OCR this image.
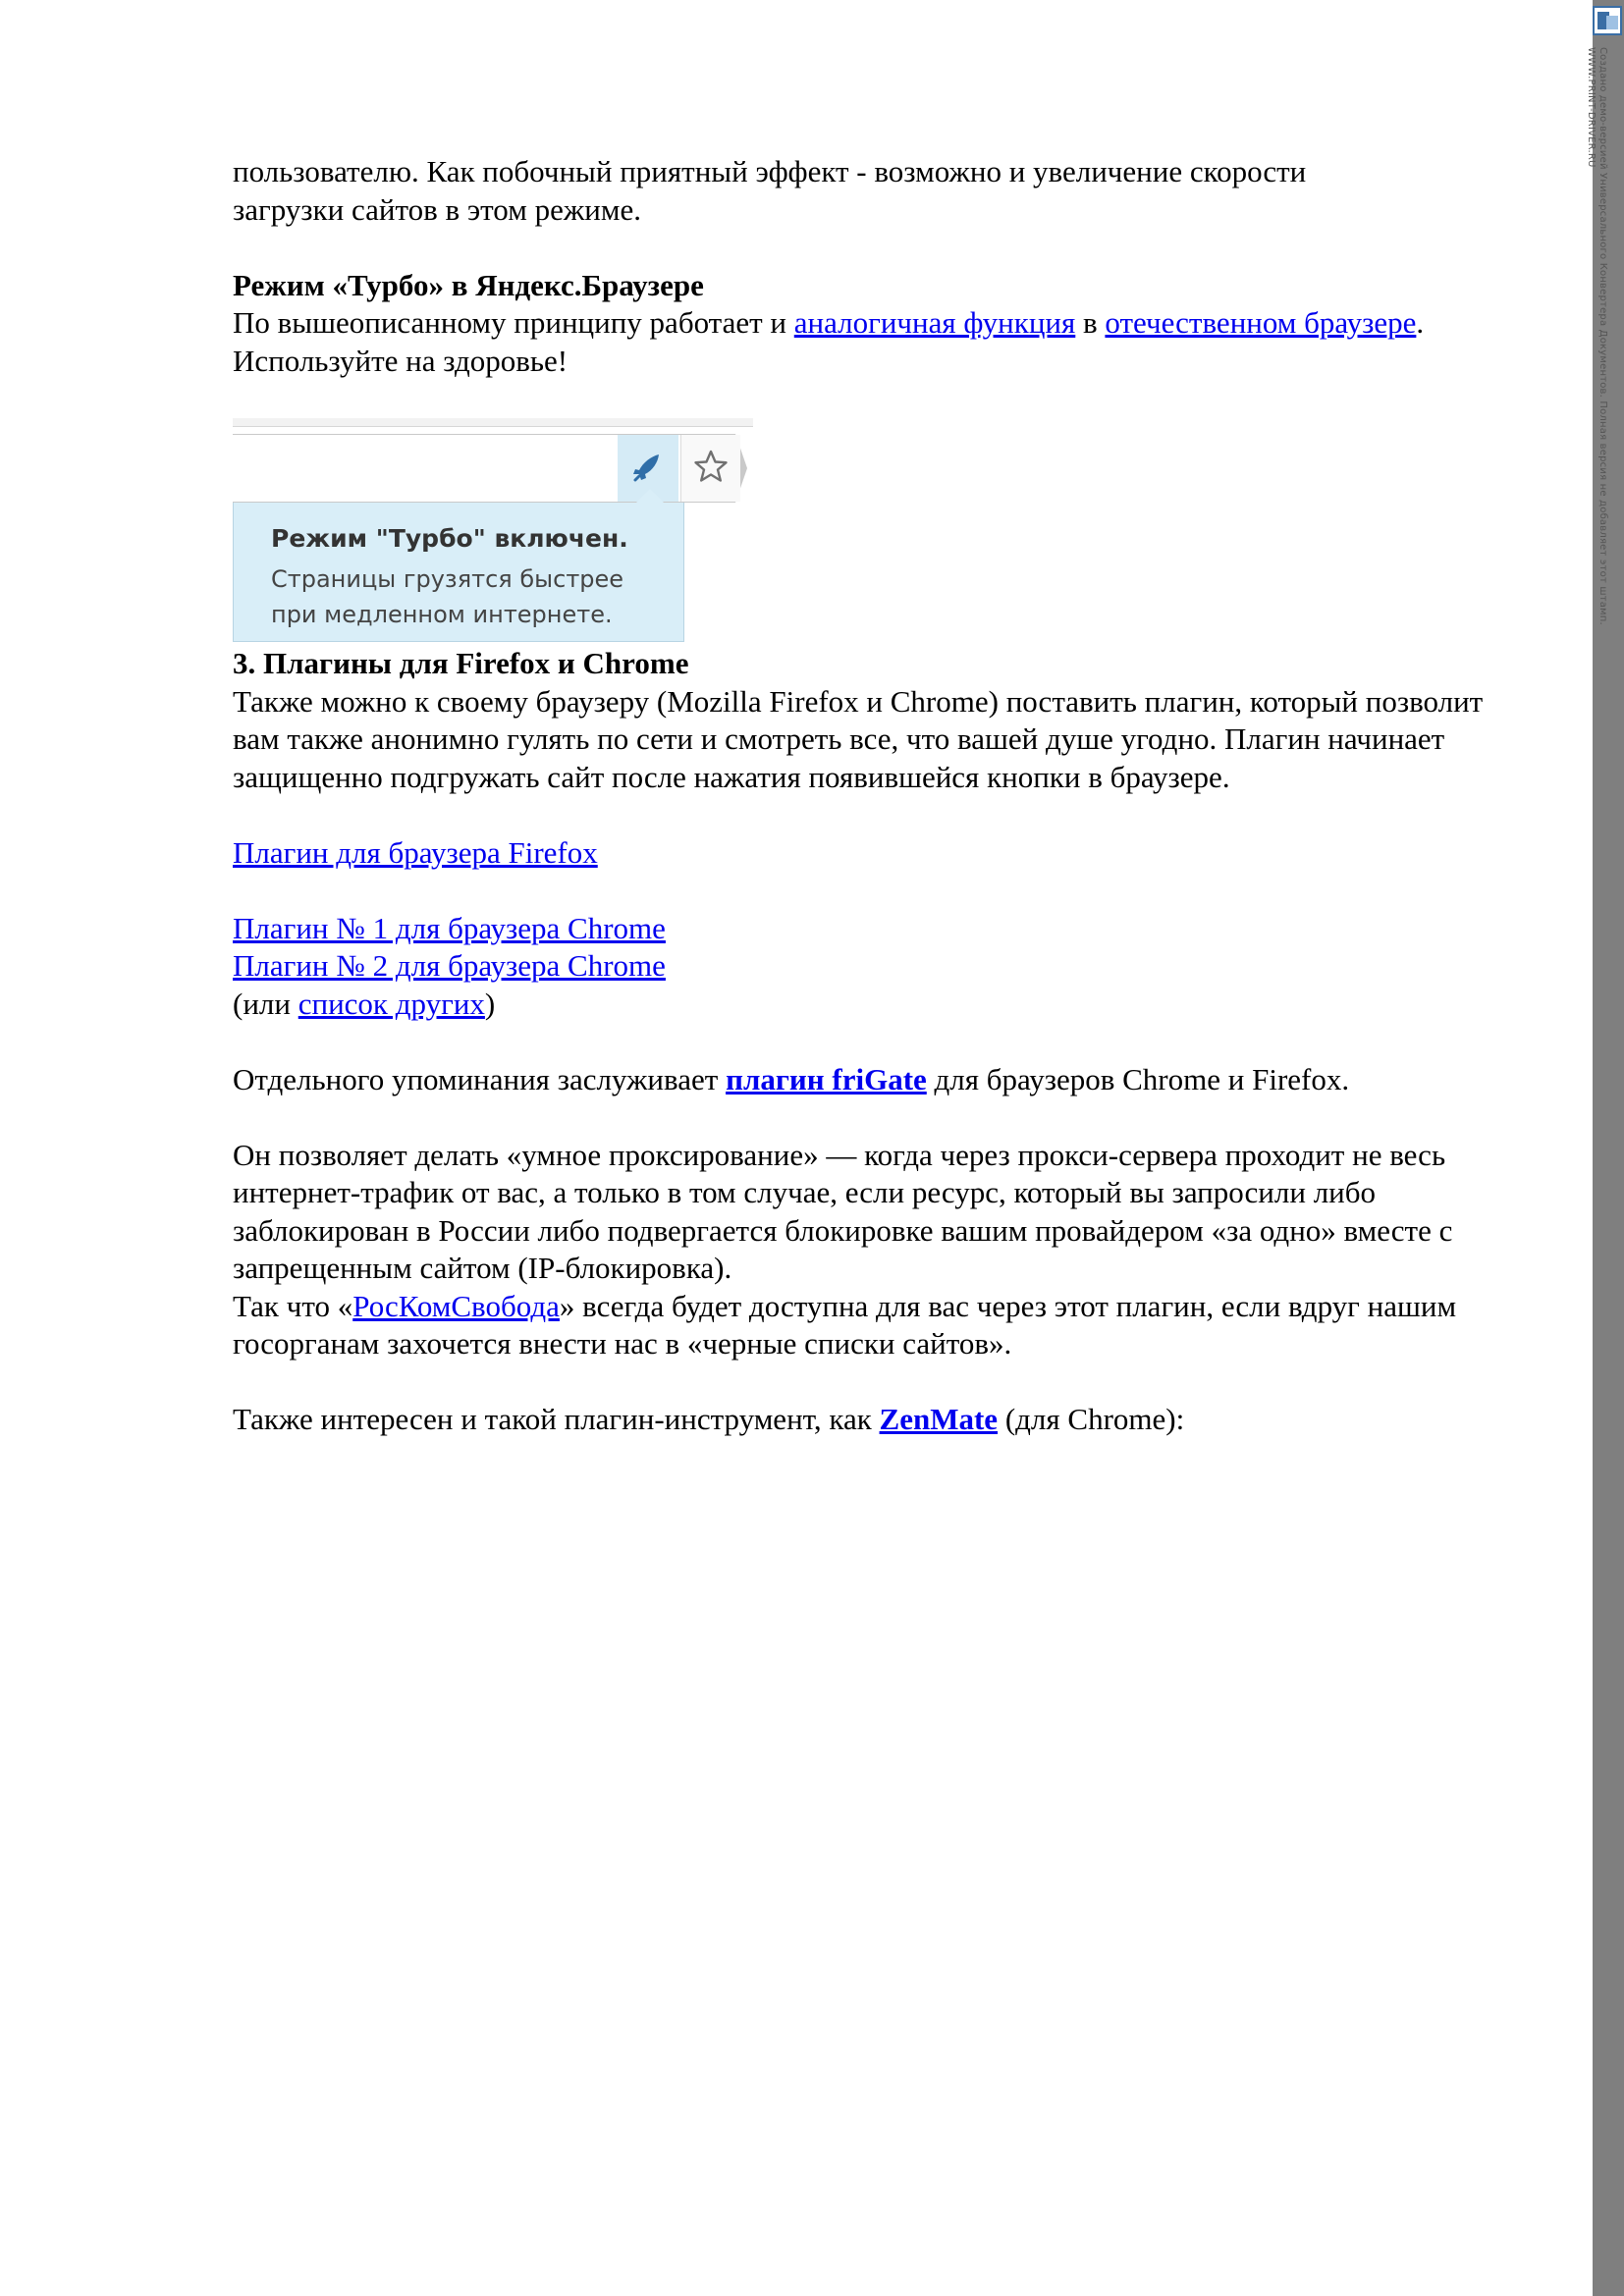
пользователю. Как побочный приятный эффект - возможно и увеличение скорости

загрузки сайтов в этом режиме.

Режим «Турбо» в Яндекс.Браузере

По вышеописанному принципу работает и аналогичная функция в отечественном браузере. Используйте на здоровье!

3. Плагины для Firefox и Chrome

Также можно к своему браузеру (Mozilla Firefox и Chrome) поставить плагин, который позволит вам также анонимно гулять по сети и смотреть все, что вашей душе угодно. Плагин начинает защищенно подгружать сайт после нажатия появившейся кнопки в браузере.

Плагин для браузера Firefox

Плагин № 1 для браузера Chrome

Плагин № 2 для браузера Chrome

(или список других)

Отдельного упоминания заслуживает плагин friGate для браузеров Chrome и Firefox.

Он позволяет делать «умное проксирование» — когда через прокси-сервера проходит не весь интернет-трафик от вас, а только в том случае, если ресурс, который вы запросили либо заблокирован в России либо подвергается блокировке вашим провайдером «за одно» вместе с запрещенным сайтом (IP-блокировка).

Так что «РосКомСвобода» всегда будет доступна для вас через этот плагин, если вдруг нашим госорганам захочется внести нас в «черные списки сайтов».

Также интересен и такой плагин-инструмент, как ZenMate (для Chrome):

Режим "Турбо" включен.
Страницы грузятся быстрее
при медленном интернете.	Создано демо-версией Универсального Конвертера Документов. Полная версия не добавляет этот штамп.
WWW.PRINT-DRIVER.RU
